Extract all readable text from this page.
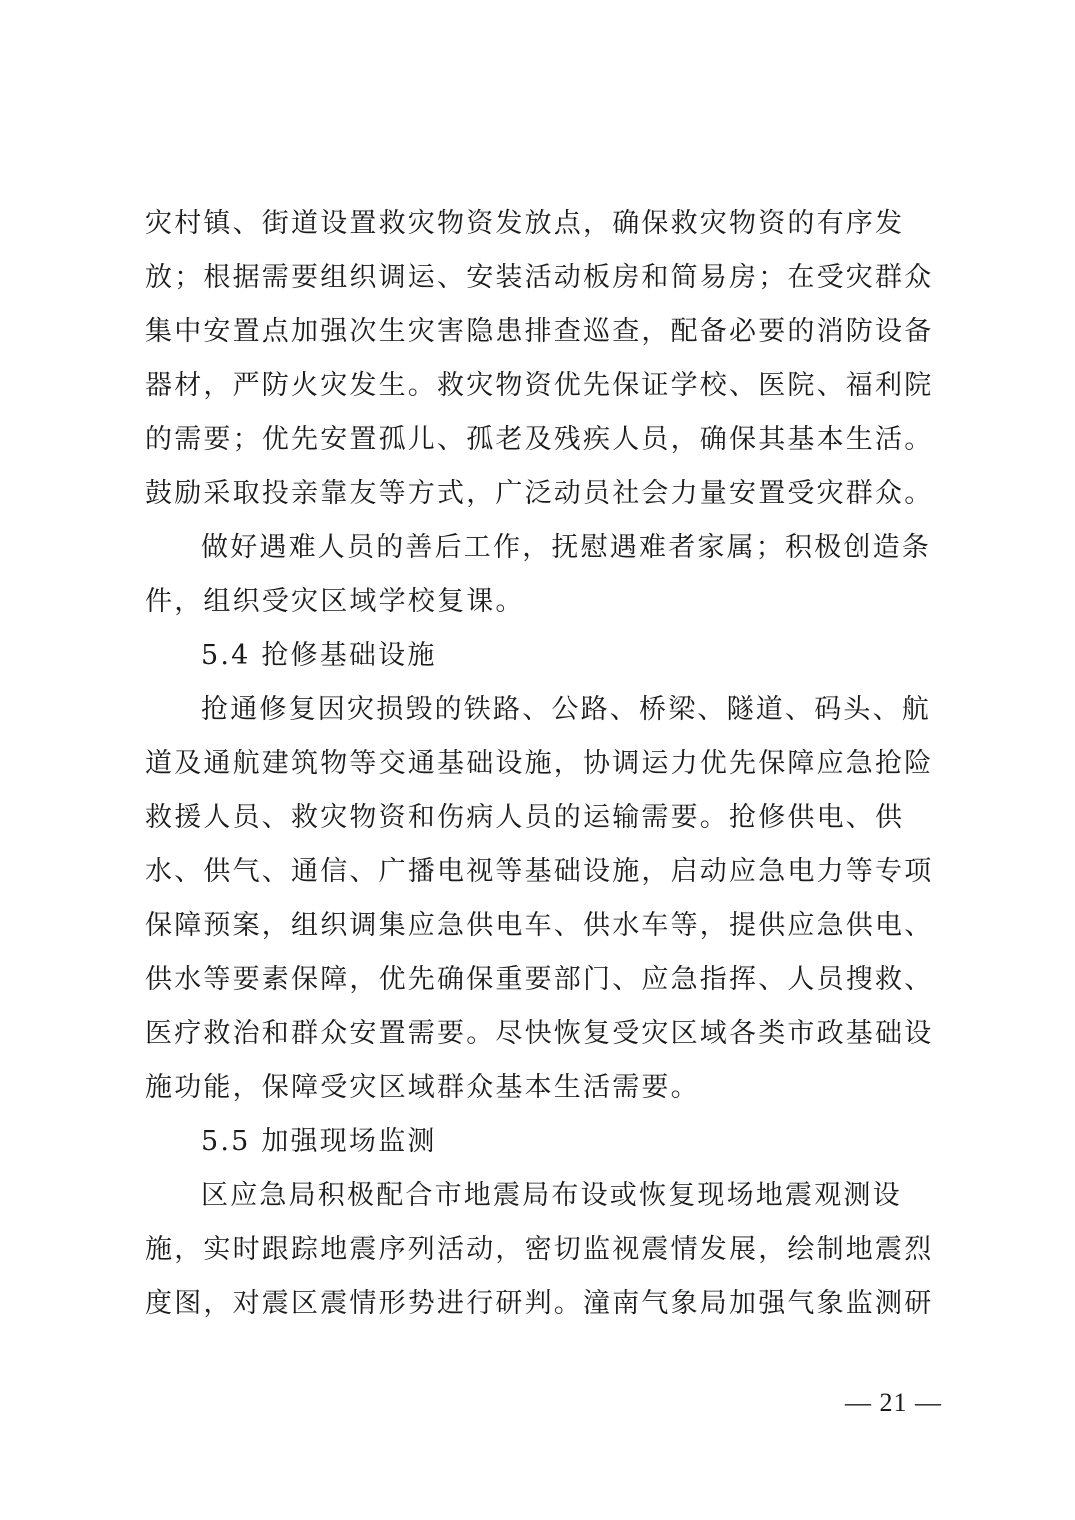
灾村镇、街道设置救灾物资发放点，确保救灾物资的有序发
放；根据需要组织调运、安装活动板房和简易房；在受灾群众
集中安置点加强次生灾害隐患排查巡查，配备必要的消防设备
器材，严防火灾发生。救灾物资优先保证学校、医院、福利院
的需要；优先安置孤儿、孤老及残疾人员，确保其基本生活。
鼓励采取投亲靠友等方式，广泛动员社会力量安置受灾群众。
做好遇难人员的善后工作，抚慰遇难者家属；积极创造条
件，组织受灾区域学校复课。
5.4 抢修基础设施
抢通修复因灾损毁的铁路、公路、桥梁、隧道、码头、航
道及通航建筑物等交通基础设施，协调运力优先保障应急抢险
救援人员、救灾物资和伤病人员的运输需要。抢修供电、供
水、供气、通信、广播电视等基础设施，启动应急电力等专项
保障预案，组织调集应急供电车、供水车等，提供应急供电、
供水等要素保障，优先确保重要部门、应急指挥、人员搜救、
医疗救治和群众安置需要。尽快恢复受灾区域各类市政基础设
施功能，保障受灾区域群众基本生活需要。
5.5 加强现场监测
区应急局积极配合市地震局布设或恢复现场地震观测设
施，实时跟踪地震序列活动，密切监视震情发展，绘制地震烈
度图，对震区震情形势进行研判。潼南气象局加强气象监测研
— 21 —
